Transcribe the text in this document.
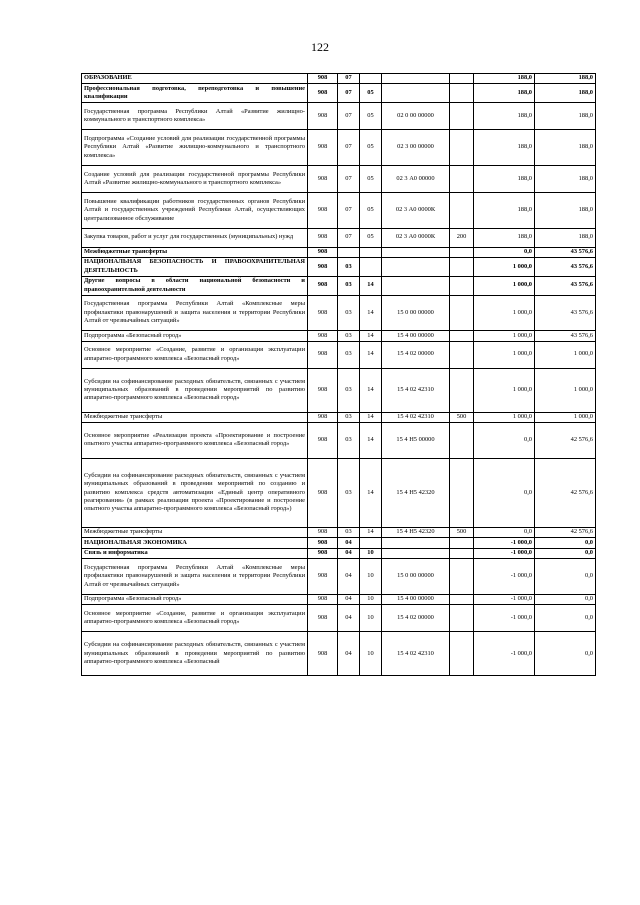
122
ОБРАЗОВАНИЕ	908	07				188,0	188,0
Профессиональная подготовка, переподготовка и повышение квалификации	908	07	05			188,0	188,0
Государственная программа Республики Алтай «Развитие жилищно-коммунального и транспортного комплекса»	908	07	05	02 0 00 00000		188,0	188,0
Подпрограмма «Создание условий для реализации государственной программы Республики Алтай «Развитие жилищно-коммунального и транспортного комплекса»	908	07	05	02 3 00 00000		188,0	188,0
Создание условий для реализации государственной программы Республики Алтай «Развитие жилищно-коммунального и транспортного комплекса»	908	07	05	02 3 А0 00000		188,0	188,0
Повышение квалификации работников государственных органов Республики Алтай и государственных учреждений Республики Алтай, осуществляющих централизованное обслуживание	908	07	05	02 3 А0 0000К		188,0	188,0
Закупка товаров, работ и услуг для государственных (муниципальных) нужд	908	07	05	02 3 А0 0000К	200	188,0	188,0
Межбюджетные трансферты	908					0,0	43 576,6
НАЦИОНАЛЬНАЯ БЕЗОПАСНОСТЬ И ПРАВООХРАНИТЕЛЬНАЯ ДЕЯТЕЛЬНОСТЬ	908	03				1 000,0	43 576,6
Другие вопросы в области национальной безопасности и правоохранительной деятельности	908	03	14			1 000,0	43 576,6
Государственная программа Республики Алтай «Комплексные меры профилактики правонарушений и защита населения и территории Республики Алтай от чрезвычайных ситуаций»	908	03	14	15 0 00 00000		1 000,0	43 576,6
Подпрограмма «Безопасный город»	908	03	14	15 4 00 00000		1 000,0	43 576,6
Основное мероприятие «Создание, развитие и организация эксплуатации аппаратно-программного комплекса «Безопасный город»	908	03	14	15 4 02 00000		1 000,0	1 000,0
Субсидии на софинансирование расходных обязательств, связанных с участием муниципальных образований в проведении мероприятий по развитию аппаратно-программного комплекса «Безопасный город»	908	03	14	15 4 02 42310		1 000,0	1 000,0
Межбюджетные трансферты	908	03	14	15 4 02 42310	500	1 000,0	1 000,0
Основное мероприятие «Реализация проекта «Проектирование и построение опытного участка аппаратно-программного комплекса «Безопасный город»	908	03	14	15 4 Н5 00000		0,0	42 576,6
Субсидии на софинансирование расходных обязательств, связанных с участием муниципальных образований в проведении мероприятий по созданию и развитию комплекса средств автоматизации «Единый центр оперативного реагирования» (в рамках реализации проекта «Проектирование и построение опытного участка аппаратно-программного комплекса «Безопасный город»)	908	03	14	15 4 Н5 42320		0,0	42 576,6
Межбюджетные трансферты	908	03	14	15 4 Н5 42320	500	0,0	42 576,6
НАЦИОНАЛЬНАЯ ЭКОНОМИКА	908	04				-1 000,0	0,0
Связь и информатика	908	04	10			-1 000,0	0,0
Государственная программа Республики Алтай «Комплексные меры профилактики правонарушений и защита населения и территории Республики Алтай от чрезвычайных ситуаций»	908	04	10	15 0 00 00000		-1 000,0	0,0
Подпрограмма «Безопасный город»	908	04	10	15 4 00 00000		-1 000,0	0,0
Основное мероприятие «Создание, развитие и организация эксплуатации аппаратно-программного комплекса «Безопасный город»	908	04	10	15 4 02 00000		-1 000,0	0,0
Субсидии на софинансирование расходных обязательств, связанных с участием муниципальных образований в проведении мероприятий по развитию аппаратно-программного комплекса «Безопасный	908	04	10	15 4 02 42310		-1 000,0	0,0
